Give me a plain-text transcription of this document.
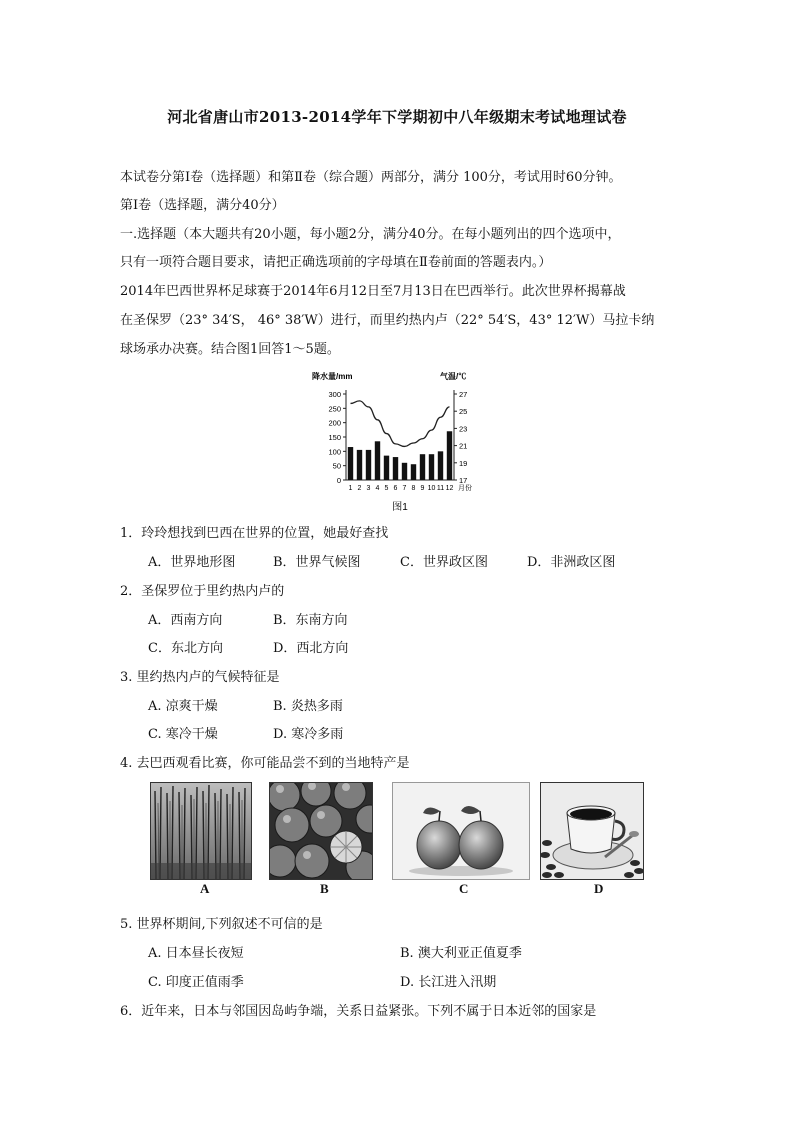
河北省唐山市2013-2014学年下学期初中八年级期末考试地理试卷
本试卷分第Ⅰ卷（选择题）和第Ⅱ卷（综合题）两部分，满分 100分，考试用时60分钟。
第Ⅰ卷（选择题，满分40分）
一.选择题（本大题共有20小题，每小题2分，满分40分。在每小题列出的四个选项中，
只有一项符合题目要求，请把正确选项前的字母填在Ⅱ卷前面的答题表内。）
2014年巴西世界杯足球赛于2014年6月12日至7月13日在巴西举行。此次世界杯揭幕战
在圣保罗（23° 34′S， 46° 38′W）进行，而里约热内卢（22° 54′S，43° 12′W）马拉卡纳
球场承办决赛。结合图1回答1～5题。
降水量/mm	气温/℃
300
250
200
150
100
50
0
27
25
23
21
19
17
1 2 3 4 5 6 7 8 9 10 11 12 月份
图1
1．玲玲想找到巴西在世界的位置，她最好查找
A．世界地形图	B．世界气候图	C．世界政区图	D．非洲政区图
2．圣保罗位于里约热内卢的
A．西南方向	B．东南方向
C．东北方向	D．西北方向
3. 里约热内卢的气候特征是
A. 凉爽干燥	B. 炎热多雨
C. 寒冷干燥	D. 寒冷多雨
4. 去巴西观看比赛，你可能品尝不到的当地特产是
A	B	C	D
5. 世界杯期间,下列叙述不可信的是
A. 日本昼长夜短	B. 澳大利亚正值夏季
C. 印度正值雨季	D. 长江进入汛期
6．近年来，日本与邻国因岛屿争端，关系日益紧张。下列不属于日本近邻的国家是
